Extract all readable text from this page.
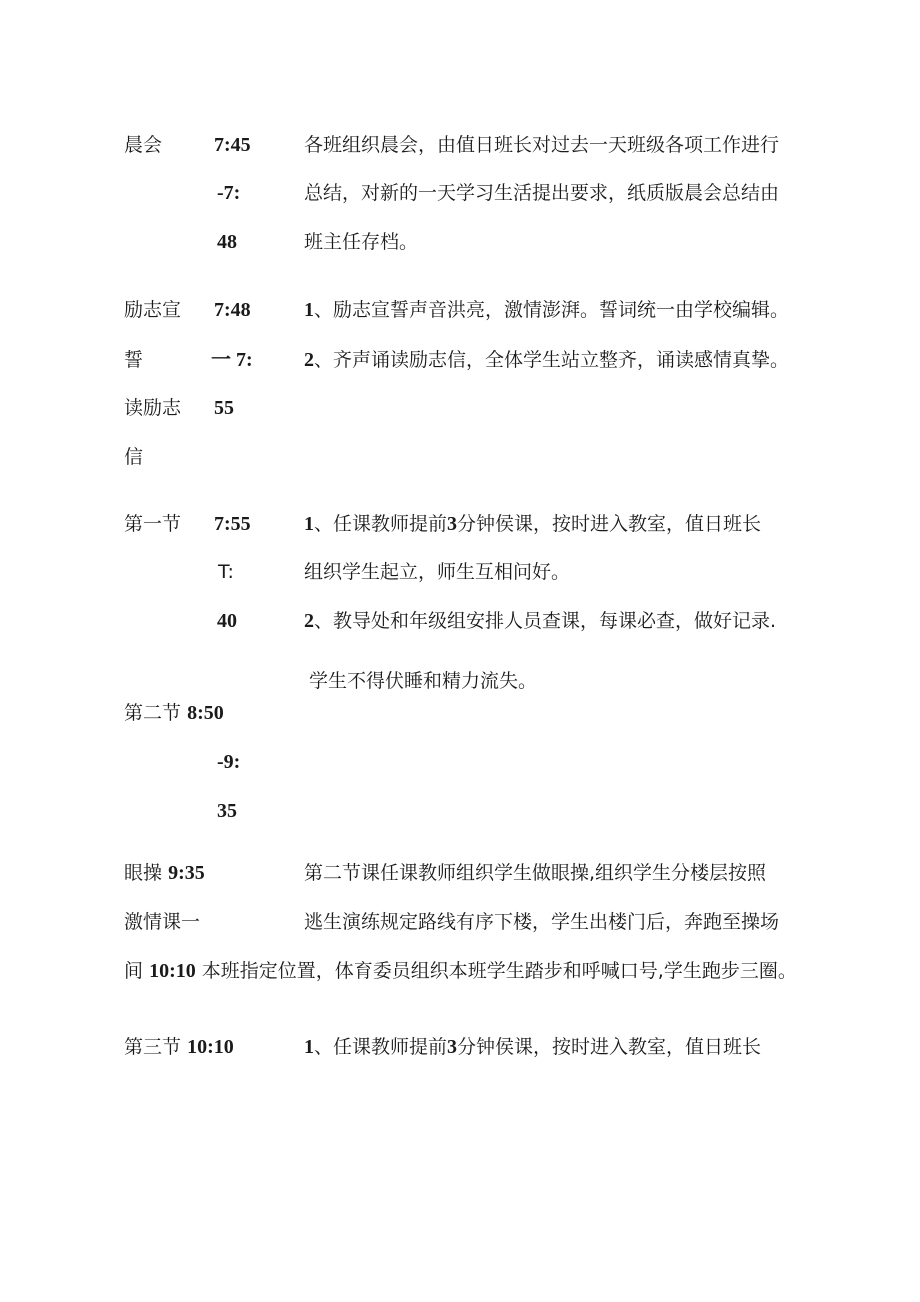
晨会	7:45
-7:
48
各班组织晨会，由值日班长对过去一天班级各项工作进行
总结，对新的一天学习生活提出要求，纸质版晨会总结由
班主任存档。
励志宣
誓
读励志
信
7:48
一 7:
55
1、励志宣誓声音洪亮，激情澎湃。誓词统一由学校编辑。
2、齐声诵读励志信，全体学生站立整齐，诵读感情真挚。
第一节 7:55
T:
40
1、任课教师提前3分钟侯课，按时进入教室，值日班长
组织学生起立，师生互相问好。
2、教导处和年级组安排人员查课，每课必查，做好记录.
学生不得伏睡和精力流失。
第二节 8:50
-9:
35
眼操 9:35
激情课一
第二节课任课教师组织学生做眼操,组织学生分楼层按照
逃生演练规定路线有序下楼，学生出楼门后，奔跑至操场
间 10:10 本班指定位置，体育委员组织本班学生踏步和呼喊口号,学生跑步三圈。
第三节 10:10	1、任课教师提前3分钟侯课，按时进入教室，值日班长
